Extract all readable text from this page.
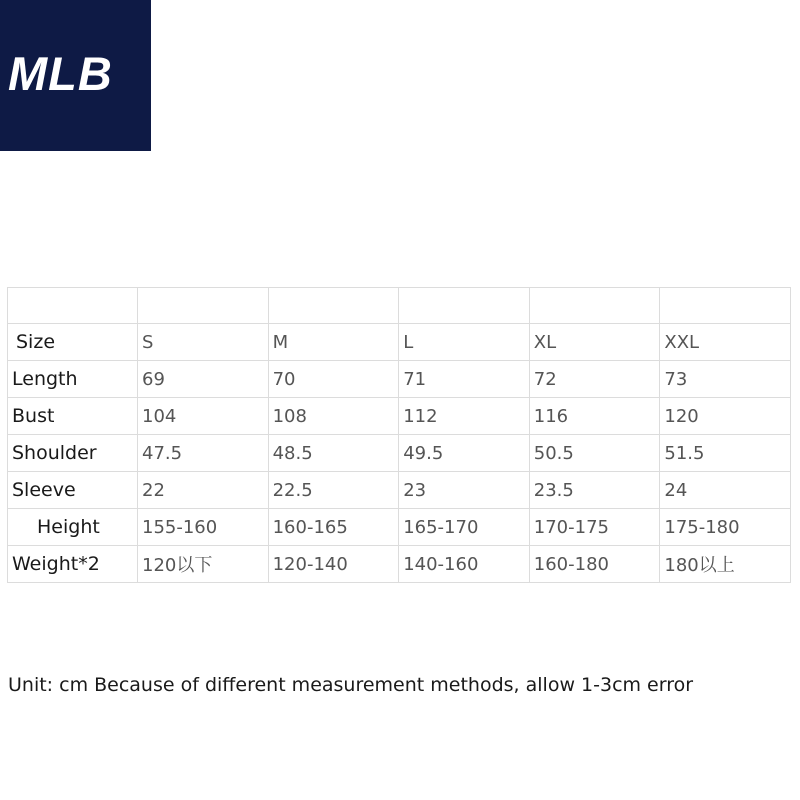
MLB

Size	S	M	L	XL	XXL
Length	69	70	71	72	73
Bust	104	108	112	116	120
Shoulder	47.5	48.5	49.5	50.5	51.5
Sleeve	22	22.5	23	23.5	24
Height	155-160	160-165	165-170	170-175	175-180
Weight*2	120以下	120-140	140-160	160-180	180以上
Unit: cm Because of different measurement methods, allow 1-3cm error
